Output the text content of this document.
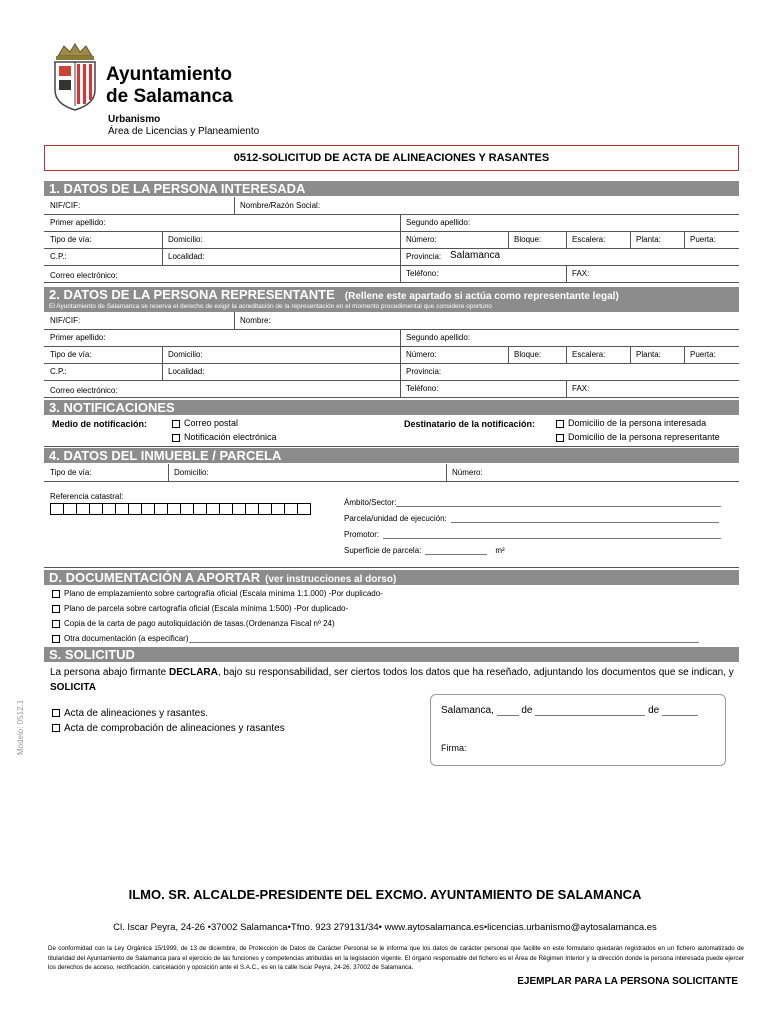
Ayuntamiento
de Salamanca
Urbanismo
Área de Licencias y Planeamiento
0512-SOLICITUD DE ACTA DE ALINEACIONES Y RASANTES
1. DATOS DE LA PERSONA INTERESADA
NIF/CIF:	Nombre/Razón Social:
Primer apellido:	Segundo apellido:
Tipo de vía:	Domicilio:	Número:	Bloque:	Escalera:	Planta:	Puerta:
C.P.:	Localidad:	Provincia: Salamanca
Correo electrónico:	Teléfono:	FAX:
2. DATOS DE LA PERSONA REPRESENTANTE (Rellene este apartado si actúa como representante legal)
El Ayuntamiento de Salamanca se reserva el derecho de exigir la acreditación de la representación en el momento procedimental que considere oportuno
NIF/CIF:	Nombre:
Primer apellido:	Segundo apellido:
Tipo de vía:	Domicilio:	Número:	Bloque:	Escalera:	Planta:	Puerta:
C.P.:	Localidad:	Provincia:
Correo electrónico:	Teléfono:	FAX:
3. NOTIFICACIONES
Medio de notificación:	Correo postal
Notificación electrónica
Destinatario de la notificación:	Domicilio de la persona interesada
Domicilio de la persona representante
4. DATOS DEL INMUEBLE / PARCELA
Tipo de vía:	Domicilio:	Número:
Referencia catastral:
Ámbito/Sector:
Parcela/unidad de ejecución:
Promotor:
Superficie de parcela:	m²
D. DOCUMENTACIÓN A APORTAR (ver instrucciones al dorso)
Plano de emplazamiento sobre cartografía oficial (Escala mínima 1:1.000) -Por duplicado-
Plano de parcela sobre cartografía oficial (Escala mínima 1:500) -Por duplicado-
Copia de la carta de pago autoliquidación de tasas.(Ordenanza Fiscal nº 24)
Otra documentación (a especificar)
S. SOLICITUD
La persona abajo firmante DECLARA, bajo su responsabilidad, ser ciertos todos los datos que ha reseñado, adjuntando los documentos que se indican, y SOLICITA
Acta de alineaciones y rasantes.
Acta de comprobación de alineaciones y rasantes
Modelo: 0512.1	Salamanca,	de	de
Firma:
ILMO. SR. ALCALDE-PRESIDENTE DEL EXCMO. AYUNTAMIENTO DE SALAMANCA
Cl. Iscar Peyra, 24-26 •37002 Salamanca•Tfno. 923 279131/34• www.aytosalamanca.es•licencias.urbanismo@aytosalamanca.es
De conformidad con la Ley Orgánica 15/1999, de 13 de diciembre, de Protección de Datos de Carácter Personal se le informa que los datos de carácter personal que facilite en este formulario quedarán registrados en un fichero automatizado de titularidad del Ayuntamiento de Salamanca para el ejercicio de las funciones y competencias atribuidas en la legislación vigente. El órgano responsable del fichero es el Área de Régimen Interior y la dirección donde la persona interesada puede ejercer los derechos de acceso, rectificación, cancelación y oposición ante el S.A.C., es en la calle Iscar Peyra, 24-26, 37002 de Salamanca.
EJEMPLAR PARA LA PERSONA SOLICITANTE
